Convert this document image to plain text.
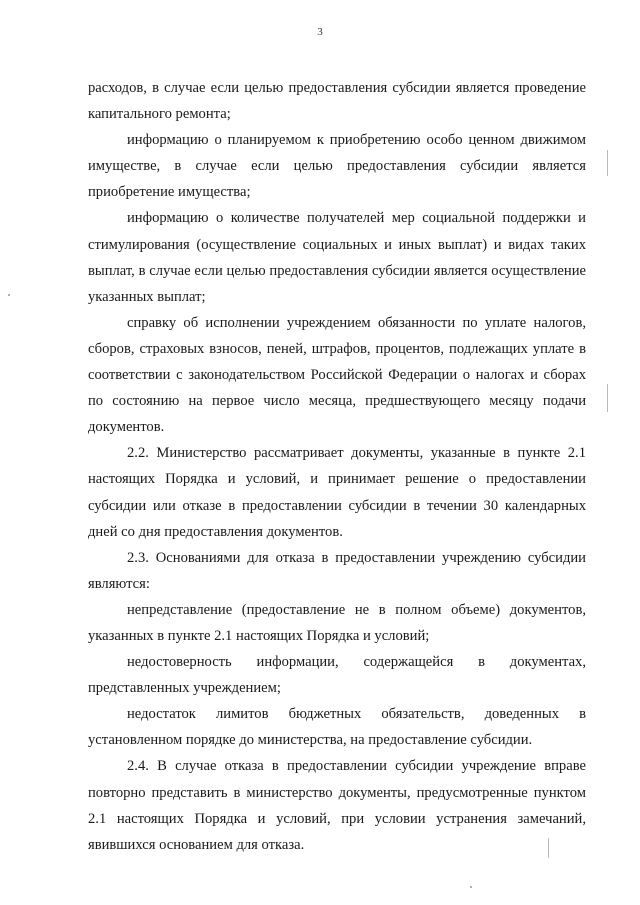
3

расходов, в случае если целью предоставления субсидии является проведение капитального ремонта;

информацию о планируемом к приобретению особо ценном движимом имуществе, в случае если целью предоставления субсидии является приобретение имущества;

информацию о количестве получателей мер социальной поддержки и стимулирования (осуществление социальных и иных выплат) и видах таких выплат, в случае если целью предоставления субсидии является осуществление указанных выплат;

справку об исполнении учреждением обязанности по уплате налогов, сборов, страховых взносов, пеней, штрафов, процентов, подлежащих уплате в соответствии с законодательством Российской Федерации о налогах и сборах по состоянию на первое число месяца, предшествующего месяцу подачи документов.

2.2. Министерство рассматривает документы, указанные в пункте 2.1 настоящих Порядка и условий, и принимает решение о предоставлении субсидии или отказе в предоставлении субсидии в течении 30 календарных дней со дня предоставления документов.

2.3. Основаниями для отказа в предоставлении учреждению субсидии являются:

непредставление (предоставление не в полном объеме) документов, указанных в пункте 2.1 настоящих Порядка и условий;

недостоверность информации, содержащейся в документах, представленных учреждением;

недостаток лимитов бюджетных обязательств, доведенных в установленном порядке до министерства, на предоставление субсидии.

2.4. В случае отказа в предоставлении субсидии учреждение вправе повторно представить в министерство документы, предусмотренные пунктом 2.1 настоящих Порядка и условий, при условии устранения замечаний, явившихся основанием для отказа.
